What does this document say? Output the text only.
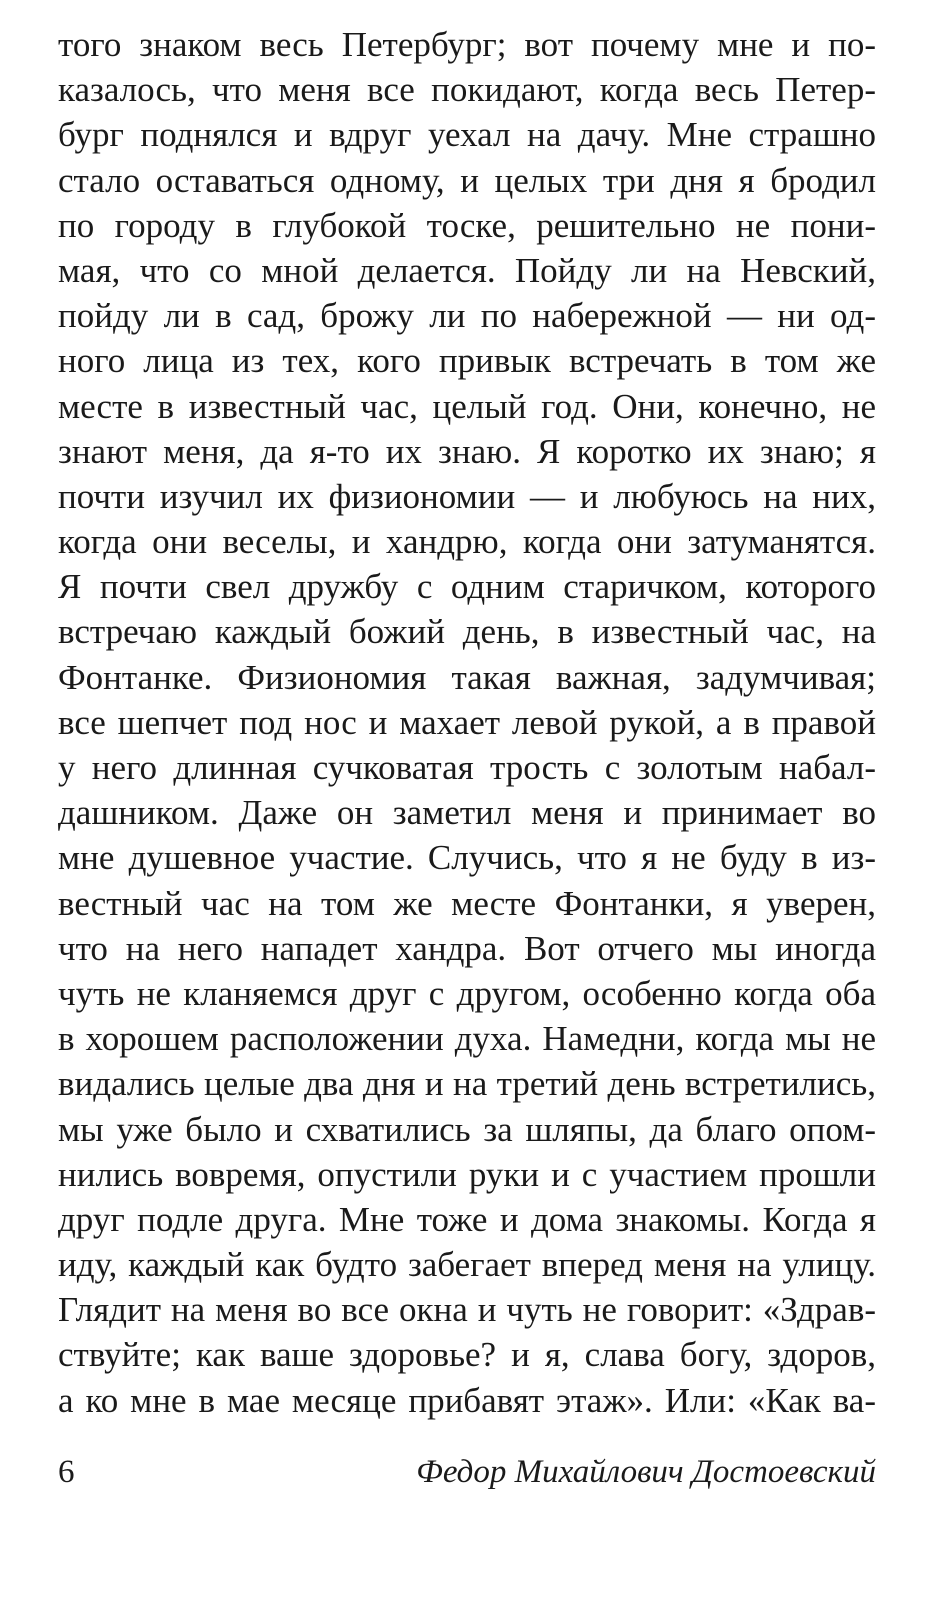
того знаком весь Петербург; вот почему мне и по-
казалось, что меня все покидают, когда весь Петер-
бург поднялся и вдруг уехал на дачу. Мне страшно
стало оставаться одному, и целых три дня я бродил
по городу в глубокой тоске, решительно не пони-
мая, что со мной делается. Пойду ли на Невский,
пойду ли в сад, брожу ли по набережной — ни од-
ного лица из тех, кого привык встречать в том же
месте в известный час, целый год. Они, конечно, не
знают меня, да я-то их знаю. Я коротко их знаю; я
почти изучил их физиономии — и любуюсь на них,
когда они веселы, и хандрю, когда они затуманятся.
Я почти свел дружбу с одним старичком, которого
встречаю каждый божий день, в известный час, на
Фонтанке. Физиономия такая важная, задумчивая;
все шепчет под нос и махает левой рукой, а в правой
у него длинная сучковатая трость с золотым набал-
дашником. Даже он заметил меня и принимает во
мне душевное участие. Случись, что я не буду в из-
вестный час на том же месте Фонтанки, я уверен,
что на него нападет хандра. Вот отчего мы иногда
чуть не кланяемся друг с другом, особенно когда оба
в хорошем расположении духа. Намедни, когда мы не
видались целые два дня и на третий день встретились,
мы уже было и схватились за шляпы, да благо опом-
нились вовремя, опустили руки и с участием прошли
друг подле друга. Мне тоже и дома знакомы. Когда я
иду, каждый как будто забегает вперед меня на улицу.
Глядит на меня во все окна и чуть не говорит: «Здрав-
ствуйте; как ваше здоровье? и я, слава богу, здоров,
а ко мне в мае месяце прибавят этаж». Или: «Как ва-
6	Федор Михайлович Достоевский
